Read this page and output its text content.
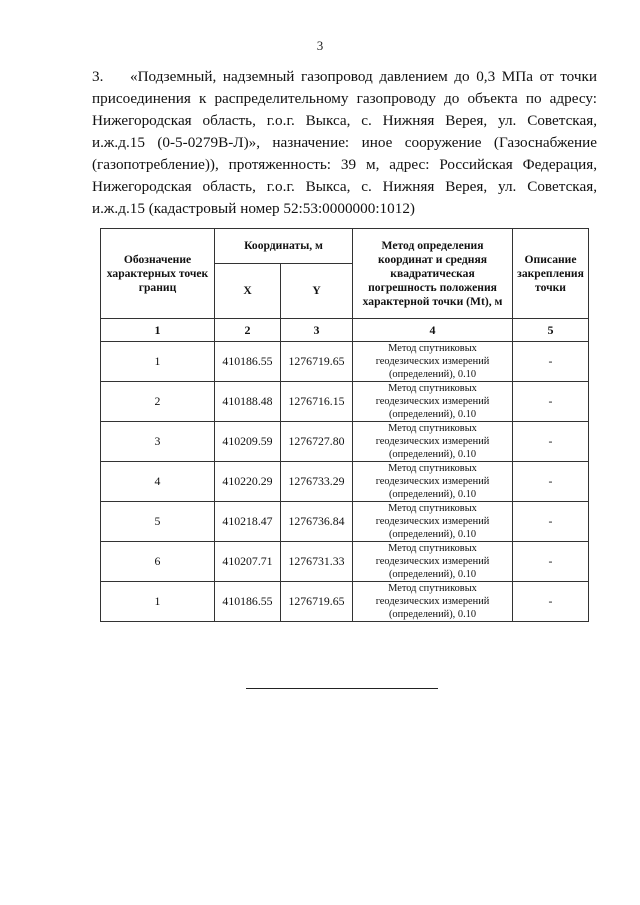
3

3. «Подземный, надземный газопровод давлением до 0,3 МПа от точки присоединения к распределительному газопроводу до объекта по адресу: Нижегородская область, г.о.г. Выкса, с. Нижняя Верея, ул. Советская, и.ж.д.15 (0-5-0279В-Л)», назначение: иное сооружение (Газоснабжение (газопотребление)), протяженность: 39 м, адрес: Российская Федерация, Нижегородская область, г.о.г. Выкса, с. Нижняя Верея, ул. Советская, и.ж.д.15 (кадастровый номер 52:53:0000000:1012)

Обозначение характерных точек границ	Координаты, м		Метод определения координат и средняя квадратическая погрешность положения характерной точки (Mt), м	Описание закрепления точки
	X	Y		
1	2	3	4	5
1	410186.55	1276719.65	Метод спутниковых геодезических измерений (определений), 0.10	-
2	410188.48	1276716.15	Метод спутниковых геодезических измерений (определений), 0.10	-
3	410209.59	1276727.80	Метод спутниковых геодезических измерений (определений), 0.10	-
4	410220.29	1276733.29	Метод спутниковых геодезических измерений (определений), 0.10	-
5	410218.47	1276736.84	Метод спутниковых геодезических измерений (определений), 0.10	-
6	410207.71	1276731.33	Метод спутниковых геодезических измерений (определений), 0.10	-
1	410186.55	1276719.65	Метод спутниковых геодезических измерений (определений), 0.10	-
